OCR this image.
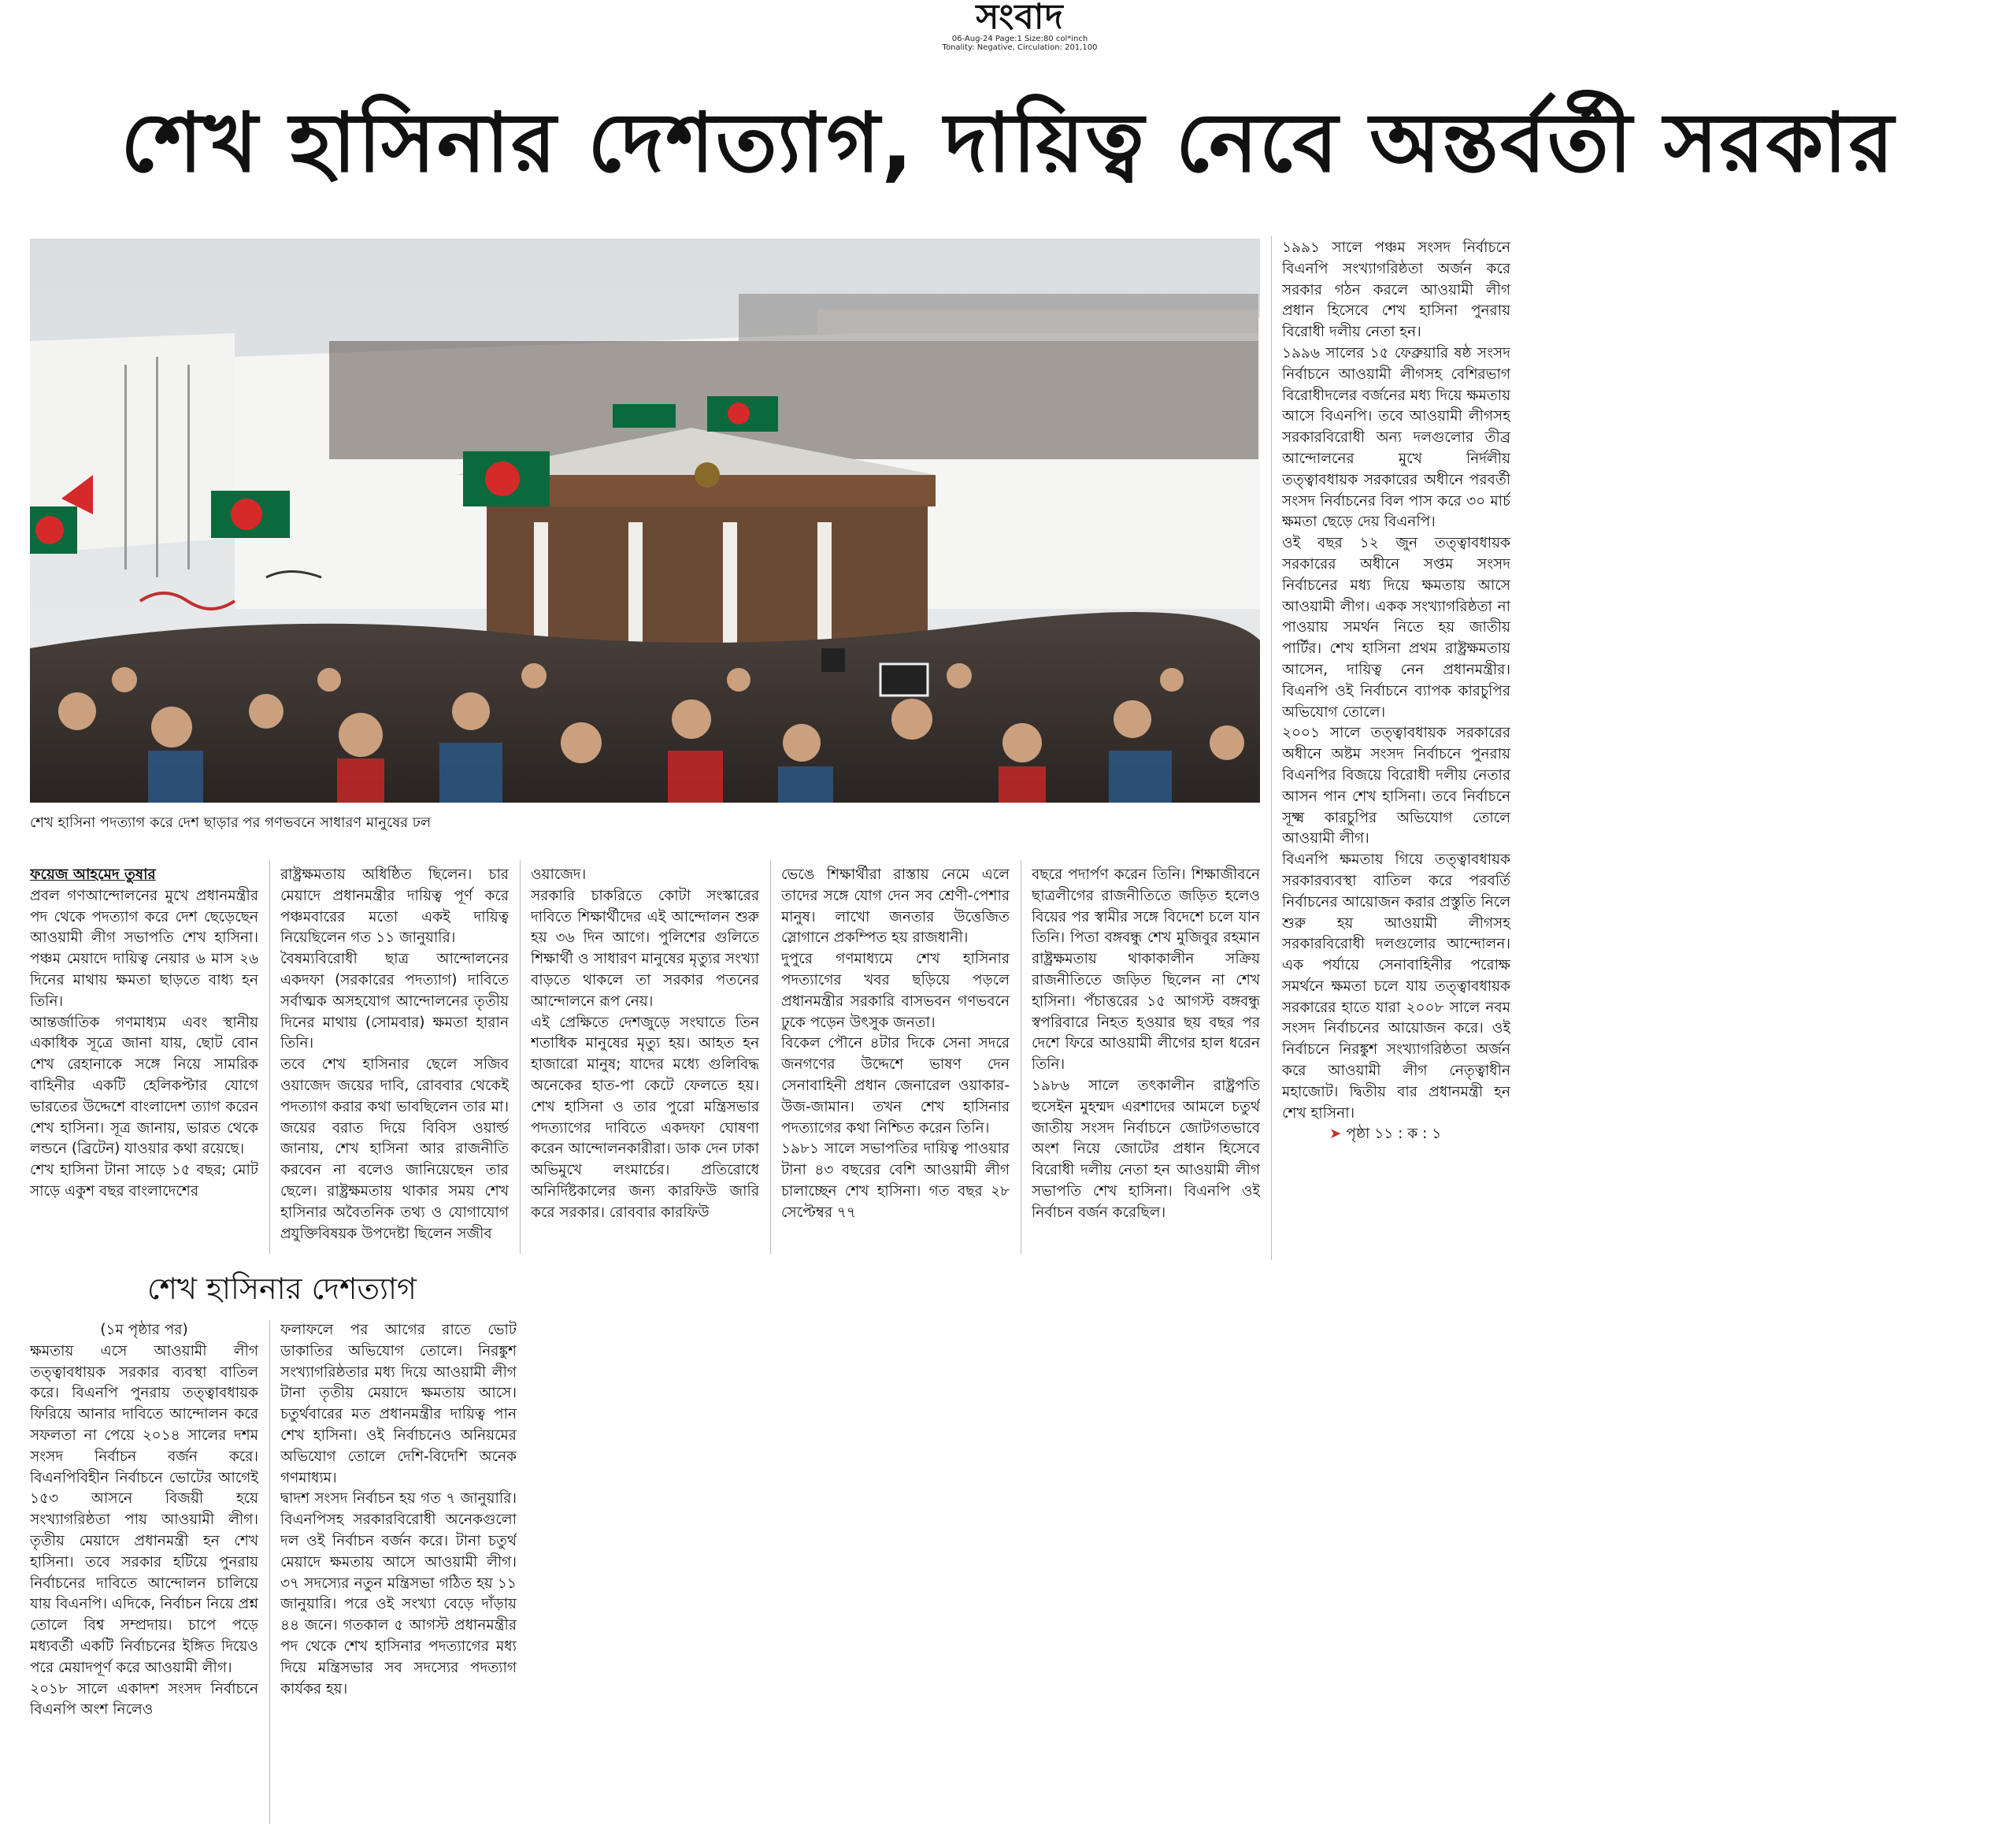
সংবাদ
06-Aug-24 Page:1 Size:80 col*inch
Tonality: Negative, Circulation: 201,100
শেখ হাসিনার দেশত্যাগ, দায়িত্ব নেবে অন্তর্বর্তী সরকার
শেখ হাসিনা পদত্যাগ করে দেশ ছাড়ার পর গণভবনে সাধারণ মানুষের ঢল

ফয়েজ আহমেদ তুষার

প্রবল গণআন্দোলনের মুখে প্রধানমন্ত্রীর পদ থেকে পদত্যাগ করে দেশ ছেড়েছেন আওয়ামী লীগ সভাপতি শেখ হাসিনা। পঞ্চম মেয়াদে দায়িত্ব নেয়ার ৬ মাস ২৬ দিনের মাথায় ক্ষমতা ছাড়তে বাধ্য হন তিনি।

আন্তর্জাতিক গণমাধ্যম এবং স্থানীয় একাধিক সূত্রে জানা যায়, ছোট বোন শেখ রেহানাকে সঙ্গে নিয়ে সামরিক বাহিনীর একটি হেলিকপ্টার যোগে ভারতের উদ্দেশে বাংলাদেশ ত্যাগ করেন শেখ হাসিনা। সূত্র জানায়, ভারত থেকে লন্ডনে (ব্রিটেন) যাওয়ার কথা রয়েছে।

শেখ হাসিনা টানা সাড়ে ১৫ বছর; মোট সাড়ে একুশ বছর বাংলাদেশের

রাষ্ট্রক্ষমতায় অধিষ্ঠিত ছিলেন। চার মেয়াদে প্রধানমন্ত্রীর দায়িত্ব পূর্ণ করে পঞ্চমবারের মতো একই দায়িত্ব নিয়েছিলেন গত ১১ জানুয়ারি।

বৈষম্যবিরোধী ছাত্র আন্দোলনের একদফা (সরকারের পদত্যাগ) দাবিতে সর্বাত্মক অসহযোগ আন্দোলনের তৃতীয় দিনের মাথায় (সোমবার) ক্ষমতা হারান তিনি।

তবে শেখ হাসিনার ছেলে সজিব ওয়াজেদ জয়ের দাবি, রোববার থেকেই পদত্যাগ করার কথা ভাবছিলেন তার মা। জয়ের বরাত দিয়ে বিবিস ওয়ার্ল্ড জানায়, শেখ হাসিনা আর রাজনীতি করবেন না বলেও জানিয়েছেন তার ছেলে। রাষ্ট্রক্ষমতায় থাকার সময় শেখ হাসিনার অবৈতনিক তথ্য ও যোগাযোগ প্রযুক্তিবিষয়ক উপদেষ্টা ছিলেন সজীব

ওয়াজেদ।

সরকারি চাকরিতে কোটা সংস্কারের দাবিতে শিক্ষার্থীদের এই আন্দোলন শুরু হয় ৩৬ দিন আগে। পুলিশের গুলিতে শিক্ষার্থী ও সাধারণ মানুষের মৃত্যুর সংখ্যা বাড়তে থাকলে তা সরকার পতনের আন্দোলনে রূপ নেয়।

এই প্রেক্ষিতে দেশজুড়ে সংঘাতে তিন শতাধিক মানুষের মৃত্যু হয়। আহত হন হাজারো মানুষ; যাদের মধ্যে গুলিবিদ্ধ অনেকের হাত-পা কেটে ফেলতে হয়। শেখ হাসিনা ও তার পুরো মন্ত্রিসভার পদত্যাগের দাবিতে একদফা ঘোষণা করেন আন্দোলনকারীরা। ডাক দেন ঢাকা অভিমুখে লংমার্চের। প্রতিরোধে অনির্দিষ্টকালের জন্য কারফিউ জারি করে সরকার। রোববার কারফিউ

ভেঙে শিক্ষার্থীরা রাস্তায় নেমে এলে তাদের সঙ্গে যোগ দেন সব শ্রেণী-পেশার মানুষ। লাখো জনতার উত্তেজিত স্লোগানে প্রকম্পিত হয় রাজধানী।

দুপুরে গণমাধ্যমে শেখ হাসিনার পদত্যাগের খবর ছড়িয়ে পড়লে প্রধানমন্ত্রীর সরকারি বাসভবন গণভবনে ঢুকে পড়েন উৎসুক জনতা।

বিকেল পৌনে ৪টার দিকে সেনা সদরে জনগণের উদ্দেশে ভাষণ দেন সেনাবাহিনী প্রধান জেনারেল ওয়াকার-উজ-জামান। তখন শেখ হাসিনার পদত্যাগের কথা নিশ্চিত করেন তিনি।

১৯৮১ সালে সভাপতির দায়িত্ব পাওয়ার টানা ৪৩ বছরের বেশি আওয়ামী লীগ চালাচ্ছেন শেখ হাসিনা। গত বছর ২৮ সেপ্টেম্বর ৭৭

বছরে পদার্পণ করেন তিনি। শিক্ষাজীবনে ছাত্রলীগের রাজনীতিতে জড়িত হলেও বিয়ের পর স্বামীর সঙ্গে বিদেশে চলে যান তিনি। পিতা বঙ্গবন্ধু শেখ মুজিবুর রহমান রাষ্ট্রক্ষমতায় থাকাকালীন সক্রিয় রাজনীতিতে জড়িত ছিলেন না শেখ হাসিনা। পঁচাত্তরের ১৫ আগস্ট বঙ্গবন্ধু স্বপরিবারে নিহত হওয়ার ছয় বছর পর দেশে ফিরে আওয়ামী লীগের হাল ধরেন তিনি।

১৯৮৬ সালে তৎকালীন রাষ্ট্রপতি হুসেইন মুহম্মদ এরশাদের আমলে চতুর্থ জাতীয় সংসদ নির্বাচনে জোটগতভাবে অংশ নিয়ে জোটের প্রধান হিসেবে বিরোধী দলীয় নেতা হন আওয়ামী লীগ সভাপতি শেখ হাসিনা। বিএনপি ওই নির্বাচন বর্জন করেছিল।

১৯৯১ সালে পঞ্চম সংসদ নির্বাচনে বিএনপি সংখ্যাগরিষ্ঠতা অর্জন করে সরকার গঠন করলে আওয়ামী লীগ প্রধান হিসেবে শেখ হাসিনা পুনরায় বিরোধী দলীয় নেতা হন।

১৯৯৬ সালের ১৫ ফেব্রুয়ারি ষষ্ঠ সংসদ নির্বাচনে আওয়ামী লীগসহ বেশিরভাগ বিরোধীদলের বর্জনের মধ্য দিয়ে ক্ষমতায় আসে বিএনপি। তবে আওয়ামী লীগসহ সরকারবিরোধী অন্য দলগুলোর তীব্র আন্দোলনের মুখে নির্দলীয় তত্ত্বাবধায়ক সরকারের অধীনে পরবর্তী সংসদ নির্বাচনের বিল পাস করে ৩০ মার্চ ক্ষমতা ছেড়ে দেয় বিএনপি।

ওই বছর ১২ জুন তত্ত্বাবধায়ক সরকারের অধীনে সপ্তম সংসদ নির্বাচনের মধ্য দিয়ে ক্ষমতায় আসে আওয়ামী লীগ। একক সংখ্যাগরিষ্ঠতা না পাওয়ায় সমর্থন নিতে হয় জাতীয় পার্টির। শেখ হাসিনা প্রথম রাষ্ট্রক্ষমতায় আসেন, দায়িত্ব নেন প্রধানমন্ত্রীর। বিএনপি ওই নির্বাচনে ব্যাপক কারচুপির অভিযোগ তোলে।

২০০১ সালে তত্ত্বাবধায়ক সরকারের অধীনে অষ্টম সংসদ নির্বাচনে পুনরায় বিএনপির বিজয়ে বিরোধী দলীয় নেতার আসন পান শেখ হাসিনা। তবে নির্বাচনে সূক্ষ্ম কারচুপির অভিযোগ তোলে আওয়ামী লীগ।

বিএনপি ক্ষমতায় গিয়ে তত্ত্বাবধায়ক সরকারব্যবস্থা বাতিল করে পরবর্তি নির্বাচনের আয়োজন করার প্রস্তুতি নিলে শুরু হয় আওয়ামী লীগসহ সরকারবিরোধী দলগুলোর আন্দোলন। এক পর্যায়ে সেনাবাহিনীর পরোক্ষ সমর্থনে ক্ষমতা চলে যায় তত্ত্বাবধায়ক সরকারের হাতে যারা ২০০৮ সালে নবম সংসদ নির্বাচনের আয়োজন করে। ওই নির্বাচনে নিরঙ্কুশ সংখ্যাগরিষ্ঠতা অর্জন করে আওয়ামী লীগ নেতৃত্বাধীন মহাজোট। দ্বিতীয় বার প্রধানমন্ত্রী হন শেখ হাসিনা।

➤ পৃষ্ঠা ১১ : ক : ১

শেখ হাসিনার দেশত্যাগ

(১ম পৃষ্ঠার পর)

ক্ষমতায় এসে আওয়ামী লীগ তত্ত্বাবধায়ক সরকার ব্যবস্থা বাতিল করে। বিএনপি পুনরায় তত্ত্বাবধায়ক ফিরিয়ে আনার দাবিতে আন্দোলন করে সফলতা না পেয়ে ২০১৪ সালের দশম সংসদ নির্বাচন বর্জন করে। বিএনপিবিহীন নির্বাচনে ভোটের আগেই ১৫৩ আসনে বিজয়ী হয়ে সংখ্যাগরিষ্ঠতা পায় আওয়ামী লীগ। তৃতীয় মেয়াদে প্রধানমন্ত্রী হন শেখ হাসিনা। তবে সরকার হটিয়ে পুনরায় নির্বাচনের দাবিতে আন্দোলন চালিয়ে যায় বিএনপি। এদিকে, নির্বাচন নিয়ে প্রশ্ন তোলে বিশ্ব সম্প্রদায়। চাপে পড়ে মধ্যবর্তী একটি নির্বাচনের ইঙ্গিত দিয়েও পরে মেয়াদপূর্ণ করে আওয়ামী লীগ।

২০১৮ সালে একাদশ সংসদ নির্বাচনে বিএনপি অংশ নিলেও

ফলাফলে পর আগের রাতে ভোট ডাকাতির অভিযোগ তোলে। নিরঙ্কুশ সংখ্যাগরিষ্ঠতার মধ্য দিয়ে আওয়ামী লীগ টানা তৃতীয় মেয়াদে ক্ষমতায় আসে। চতুর্থবারের মত প্রধানমন্ত্রীর দায়িত্ব পান শেখ হাসিনা। ওই নির্বাচনেও অনিয়মের অভিযোগ তোলে দেশি-বিদেশি অনেক গণমাধ্যম।

দ্বাদশ সংসদ নির্বাচন হয় গত ৭ জানুয়ারি। বিএনপিসহ সরকারবিরোধী অনেকগুলো দল ওই নির্বাচন বর্জন করে। টানা চতুর্থ মেয়াদে ক্ষমতায় আসে আওয়ামী লীগ। ৩৭ সদস্যের নতুন মন্ত্রিসভা গঠিত হয় ১১ জানুয়ারি। পরে ওই সংখ্যা বেড়ে দাঁড়ায় ৪৪ জনে। গতকাল ৫ আগস্ট প্রধানমন্ত্রীর পদ থেকে শেখ হাসিনার পদত্যাগের মধ্য দিয়ে মন্ত্রিসভার সব সদস্যের পদত্যাগ কার্যকর হয়।
